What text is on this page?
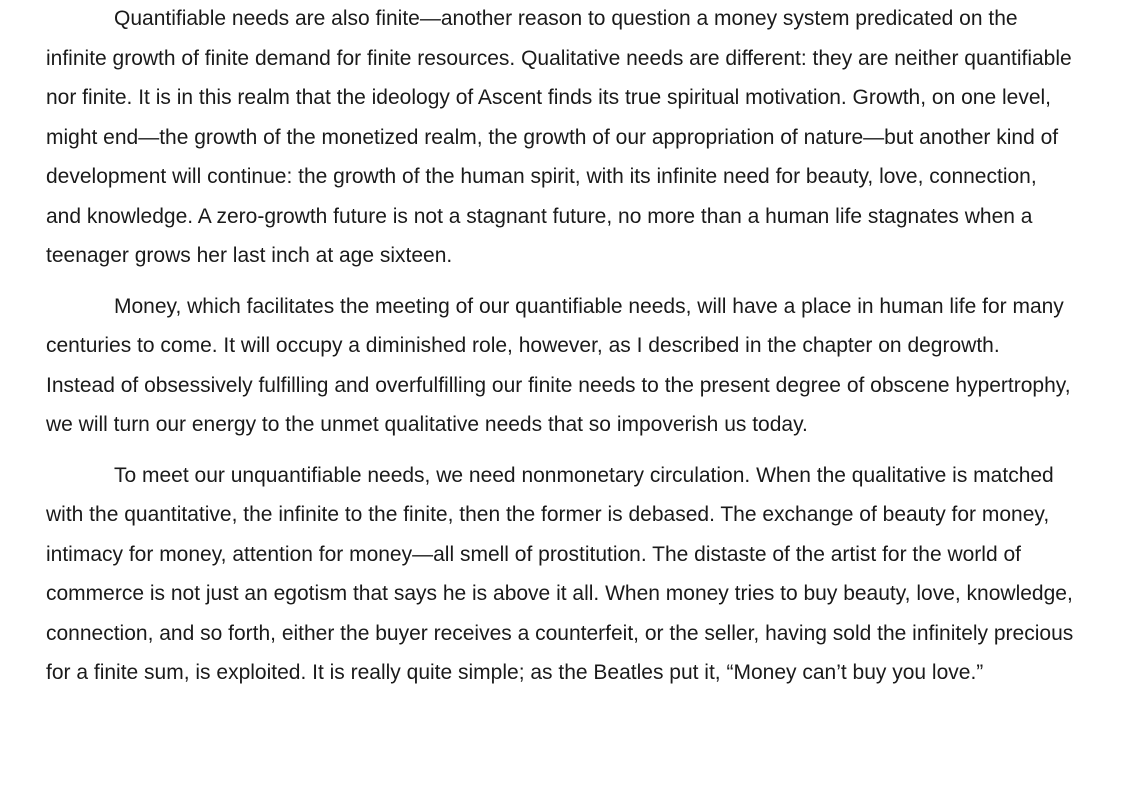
Quantifiable needs are also finite—another reason to question a money system predicated on the infinite growth of finite demand for finite resources. Qualitative needs are different: they are neither quantifiable nor finite. It is in this realm that the ideology of Ascent finds its true spiritual motivation. Growth, on one level, might end—the growth of the monetized realm, the growth of our appropriation of nature—but another kind of development will continue: the growth of the human spirit, with its infinite need for beauty, love, connection, and knowledge. A zero-growth future is not a stagnant future, no more than a human life stagnates when a teenager grows her last inch at age sixteen.

Money, which facilitates the meeting of our quantifiable needs, will have a place in human life for many centuries to come. It will occupy a diminished role, however, as I described in the chapter on degrowth. Instead of obsessively fulfilling and overfulfilling our finite needs to the present degree of obscene hypertrophy, we will turn our energy to the unmet qualitative needs that so impoverish us today.

To meet our unquantifiable needs, we need nonmonetary circulation. When the qualitative is matched with the quantitative, the infinite to the finite, then the former is debased. The exchange of beauty for money, intimacy for money, attention for money—all smell of prostitution. The distaste of the artist for the world of commerce is not just an egotism that says he is above it all. When money tries to buy beauty, love, knowledge, connection, and so forth, either the buyer receives a counterfeit, or the seller, having sold the infinitely precious for a finite sum, is exploited. It is really quite simple; as the Beatles put it, “Money can’t buy you love.”
